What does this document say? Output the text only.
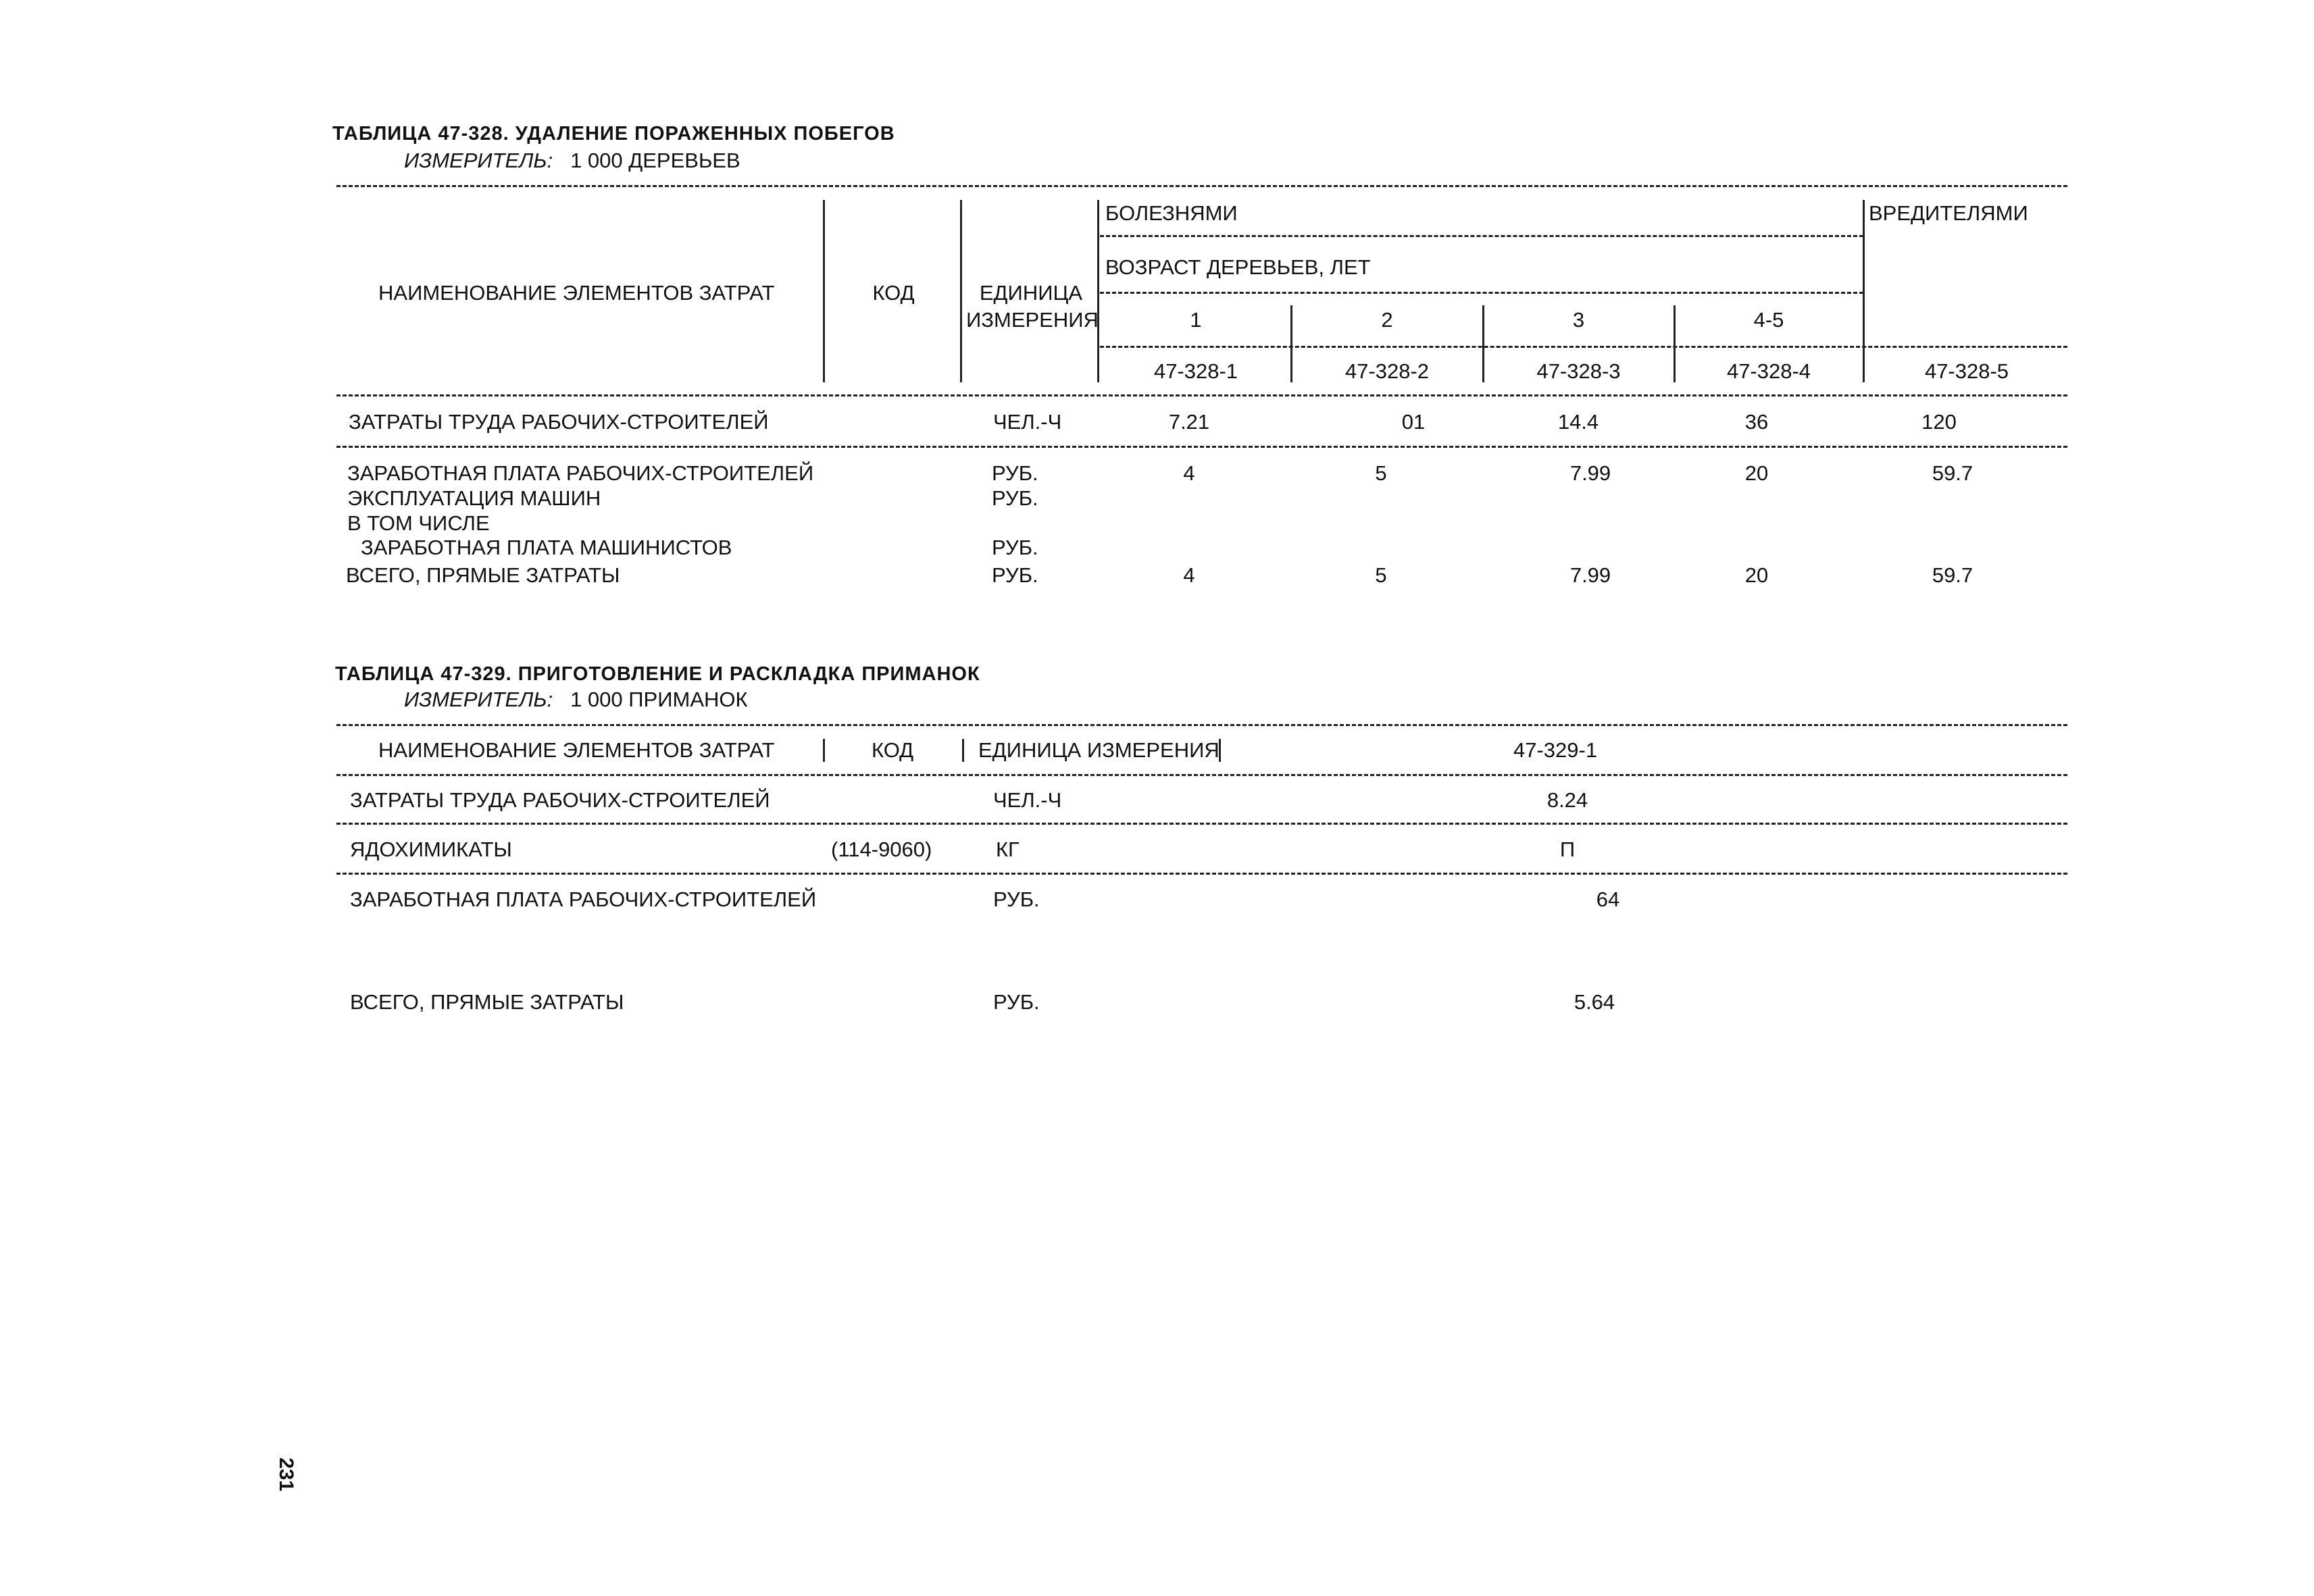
ТАБЛИЦА 47-328. УДАЛЕНИЕ ПОРАЖЕННЫХ ПОБЕГОВ
ИЗМЕРИТЕЛЬ: 1 000 ДЕРЕВЬЕВ
НАИМЕНОВАНИЕ ЭЛЕМЕНТОВ ЗАТРАТ	КОД	ЕДИНИЦА
ИЗМЕРЕНИЯ
БОЛЕЗНЯМИ	ВРЕДИТЕЛЯМИ
ВОЗРАСТ ДЕРЕВЬЕВ, ЛЕТ
1	2	3	4-5
47-328-1	47-328-2	47-328-3	47-328-4	47-328-5
ЗАТРАТЫ ТРУДА РАБОЧИХ-СТРОИТЕЛЕЙ	ЧЕЛ.-Ч	7.21	01	14.4	36	120
ЗАРАБОТНАЯ ПЛАТА РАБОЧИХ-СТРОИТЕЛЕЙ	РУБ.	4	5	7.99	20	59.7
ЭКСПЛУАТАЦИЯ МАШИН	РУБ.
В ТОМ ЧИСЛЕ
ЗАРАБОТНАЯ ПЛАТА МАШИНИСТОВ	РУБ.
ВСЕГО, ПРЯМЫЕ ЗАТРАТЫ	РУБ.	4	5	7.99	20	59.7
ТАБЛИЦА 47-329. ПРИГОТОВЛЕНИЕ И РАСКЛАДКА ПРИМАНОК
ИЗМЕРИТЕЛЬ: 1 000 ПРИМАНОК
НАИМЕНОВАНИЕ ЭЛЕМЕНТОВ ЗАТРАТ	КОД	ЕДИНИЦА ИЗМЕРЕНИЯ	47-329-1
ЗАТРАТЫ ТРУДА РАБОЧИХ-СТРОИТЕЛЕЙ	ЧЕЛ.-Ч	8.24
ЯДОХИМИКАТЫ	(114-9060)	КГ	П
ЗАРАБОТНАЯ ПЛАТА РАБОЧИХ-СТРОИТЕЛЕЙ	РУБ.	64
ВСЕГО, ПРЯМЫЕ ЗАТРАТЫ	РУБ.	5.64
231
